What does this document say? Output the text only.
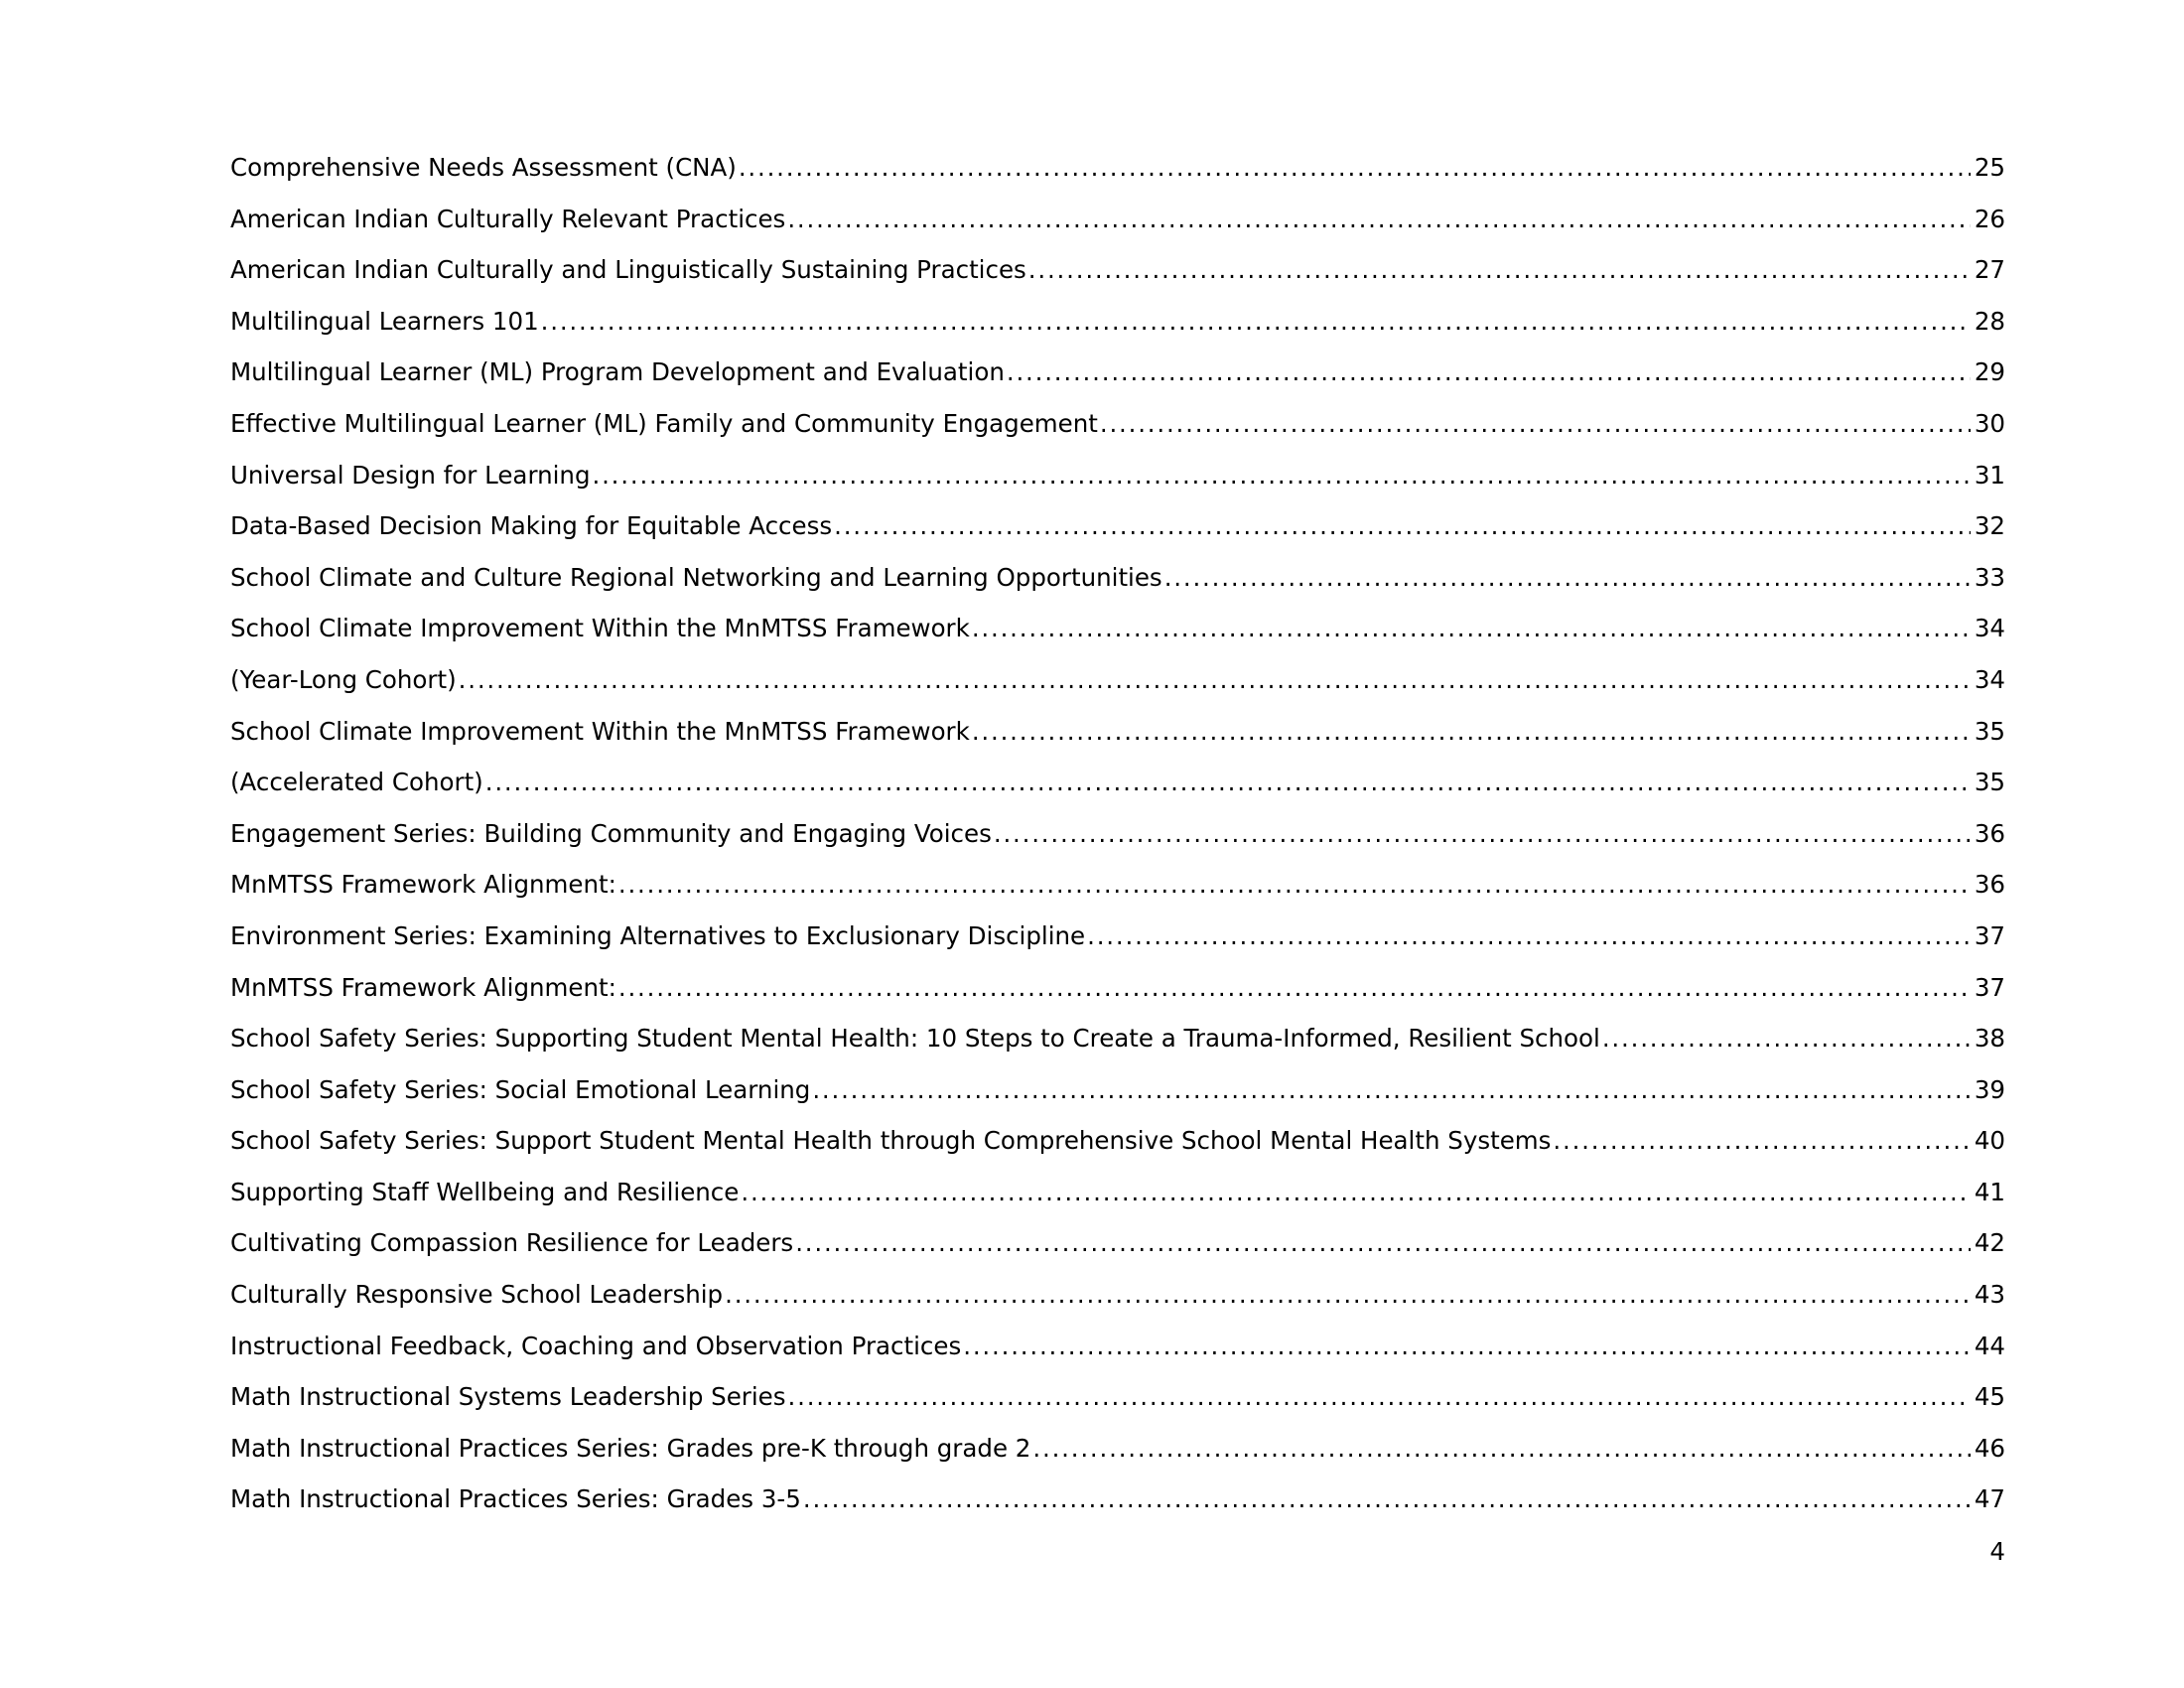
Comprehensive Needs Assessment (CNA) .....	25
American Indian Culturally Relevant Practices .....	26
American Indian Culturally and Linguistically Sustaining Practices .....	27
Multilingual Learners 101 .....	28
Multilingual Learner (ML) Program Development and Evaluation .....	29
Effective Multilingual Learner (ML) Family and Community Engagement .....	30
Universal Design for Learning .....	31
Data-Based Decision Making for Equitable Access .....	32
School Climate and Culture Regional Networking and Learning Opportunities .....	33
School Climate Improvement Within the MnMTSS Framework .....	34
(Year-Long Cohort) .....	34
School Climate Improvement Within the MnMTSS Framework .....	35
(Accelerated Cohort) .....	35
Engagement Series: Building Community and Engaging Voices .....	36
MnMTSS Framework Alignment: .....	36
Environment Series: Examining Alternatives to Exclusionary Discipline .....	37
MnMTSS Framework Alignment: .....	37
School Safety Series: Supporting Student Mental Health: 10 Steps to Create a Trauma-Informed, Resilient School .....	38
School Safety Series: Social Emotional Learning .....	39
School Safety Series: Support Student Mental Health through Comprehensive School Mental Health Systems .....	40
Supporting Staff Wellbeing and Resilience .....	41
Cultivating Compassion Resilience for Leaders .....	42
Culturally Responsive School Leadership .....	43
Instructional Feedback, Coaching and Observation Practices .....	44
Math Instructional Systems Leadership Series .....	45
Math Instructional Practices Series: Grades pre-K through grade 2 .....	46
Math Instructional Practices Series: Grades 3-5 .....	47
4
